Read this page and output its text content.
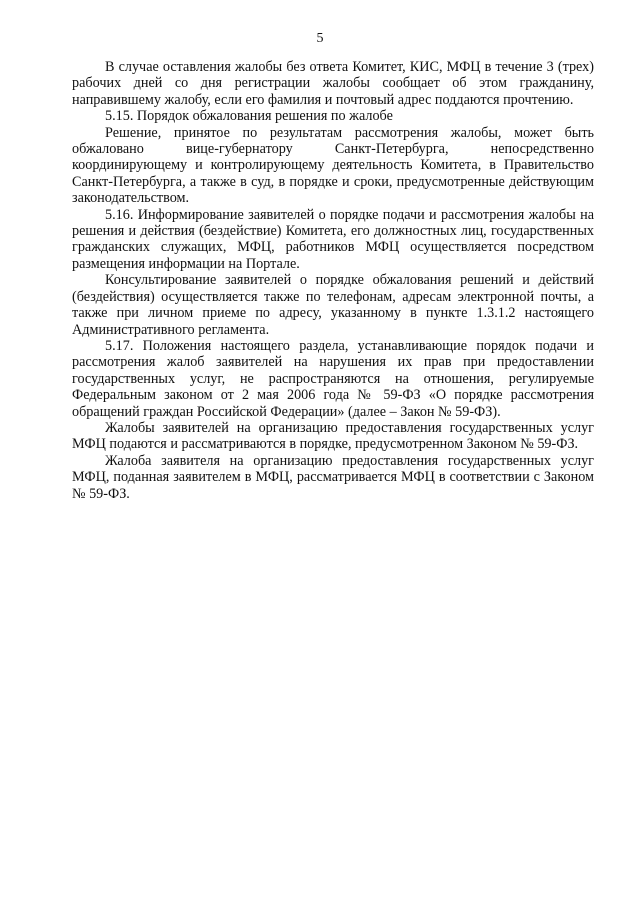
5

В случае оставления жалобы без ответа Комитет, КИС, МФЦ в течение 3 (трех) рабочих дней со дня регистрации жалобы сообщает об этом гражданину, направившему жалобу, если его фамилия и почтовый адрес поддаются прочтению.

5.15. Порядок обжалования решения по жалобе

Решение, принятое по результатам рассмотрения жалобы, может быть обжаловано вице-губернатору Санкт-Петербурга, непосредственно координирующему и контролирующему деятельность Комитета, в Правительство Санкт-Петербурга, а также в суд, в порядке и сроки, предусмотренные действующим законодательством.

5.16. Информирование заявителей о порядке подачи и рассмотрения жалобы на решения и действия (бездействие) Комитета, его должностных лиц, государственных гражданских служащих, МФЦ, работников МФЦ осуществляется посредством размещения информации на Портале.

Консультирование заявителей о порядке обжалования решений и действий (бездействия) осуществляется также по телефонам, адресам электронной почты, а также при личном приеме по адресу, указанному в пункте 1.3.1.2 настоящего Административного регламента.

5.17. Положения настоящего раздела, устанавливающие порядок подачи и рассмотрения жалоб заявителей на нарушения их прав при предоставлении государственных услуг, не распространяются на отношения, регулируемые Федеральным законом от 2 мая 2006 года № 59-ФЗ «О порядке рассмотрения обращений граждан Российской Федерации» (далее – Закон № 59-ФЗ).

Жалобы заявителей на организацию предоставления государственных услуг МФЦ подаются и рассматриваются в порядке, предусмотренном Законом № 59-ФЗ.

Жалоба заявителя на организацию предоставления государственных услуг МФЦ, поданная заявителем в МФЦ, рассматривается МФЦ в соответствии с Законом № 59-ФЗ.
